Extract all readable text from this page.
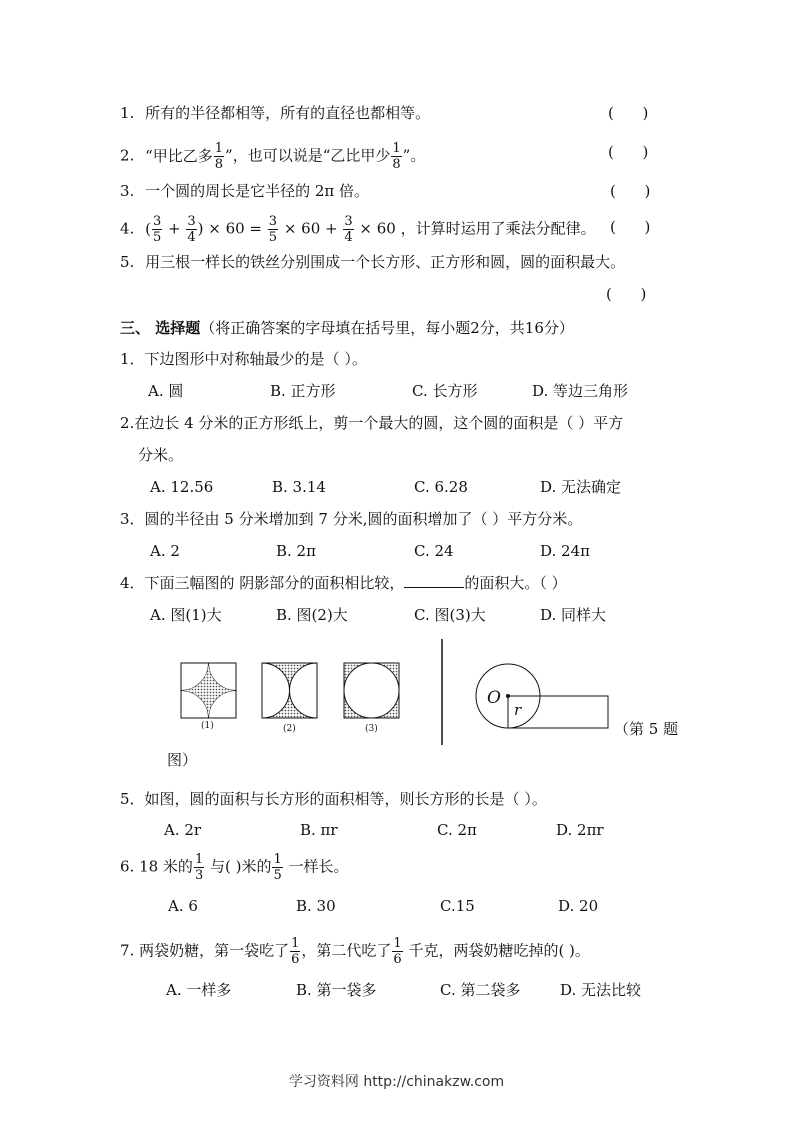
1. 所有的半径都相等，所有的直径也都相等。	(      )
2. “甲比乙多 $\frac{1}{8}$ ”，也可以说是“乙比甲少 $\frac{1}{8}$ ”。	(      )
3. 一个圆的周长是它半径的 2π 倍。	(      )
4. ( $\frac{3}{5} + \frac{3}{4}$ ) × $60 = \frac{3}{5} \times 60 + \frac{3}{4} \times 60$ ，计算时运用了乘法分配律。 (      )
5. 用三根一样长的铁丝分别围成一个长方形、正方形和圆，圆的面积最大。
(      )
三、 选择题（将正确答案的字母填在括号里，每小题2分，共16分）
1．下边图形中对称轴最少的是（ ）。
A. 圆	B. 正方形	C. 长方形	D. 等边三角形
2.在边长 4 分米的正方形纸上，剪一个最大的圆，这个圆的面积是（ ）平方
分米。
A. 12.56	B. 3.14	C. 6.28	D. 无法确定
3．圆的半径由 5 分米增加到 7 分米,圆的面积增加了（ ）平方分米。
A. 2	B. 2π	C. 24	D. 24π
4．下面三幅图的 阴影部分的面积相比较，	的面积大。（ ）
A. 图(1)大	B. 图(2)大	C. 图(3)大	D. 同样大
(1)	(2)	(3)
O
r
（第 5 题
图）
5．如图，圆的面积与长方形的面积相等，则长方形的长是（ ）。
A. 2r	B. πr	C. 2π	D. 2πr
6. 18 米的 $\frac{1}{3}$ 与( )米的 $\frac{1}{5}$ 一样长。
A. 6	B. 30	C.15	D. 20
7. 两袋奶糖，第一袋吃了 $\frac{1}{6}$ ，第二代吃了 $\frac{1}{6}$ 千克，两袋奶糖吃掉的( )。
A. 一样多	B. 第一袋多	C. 第二袋多	D. 无法比较
学习资料网 http://chinakzw.com
